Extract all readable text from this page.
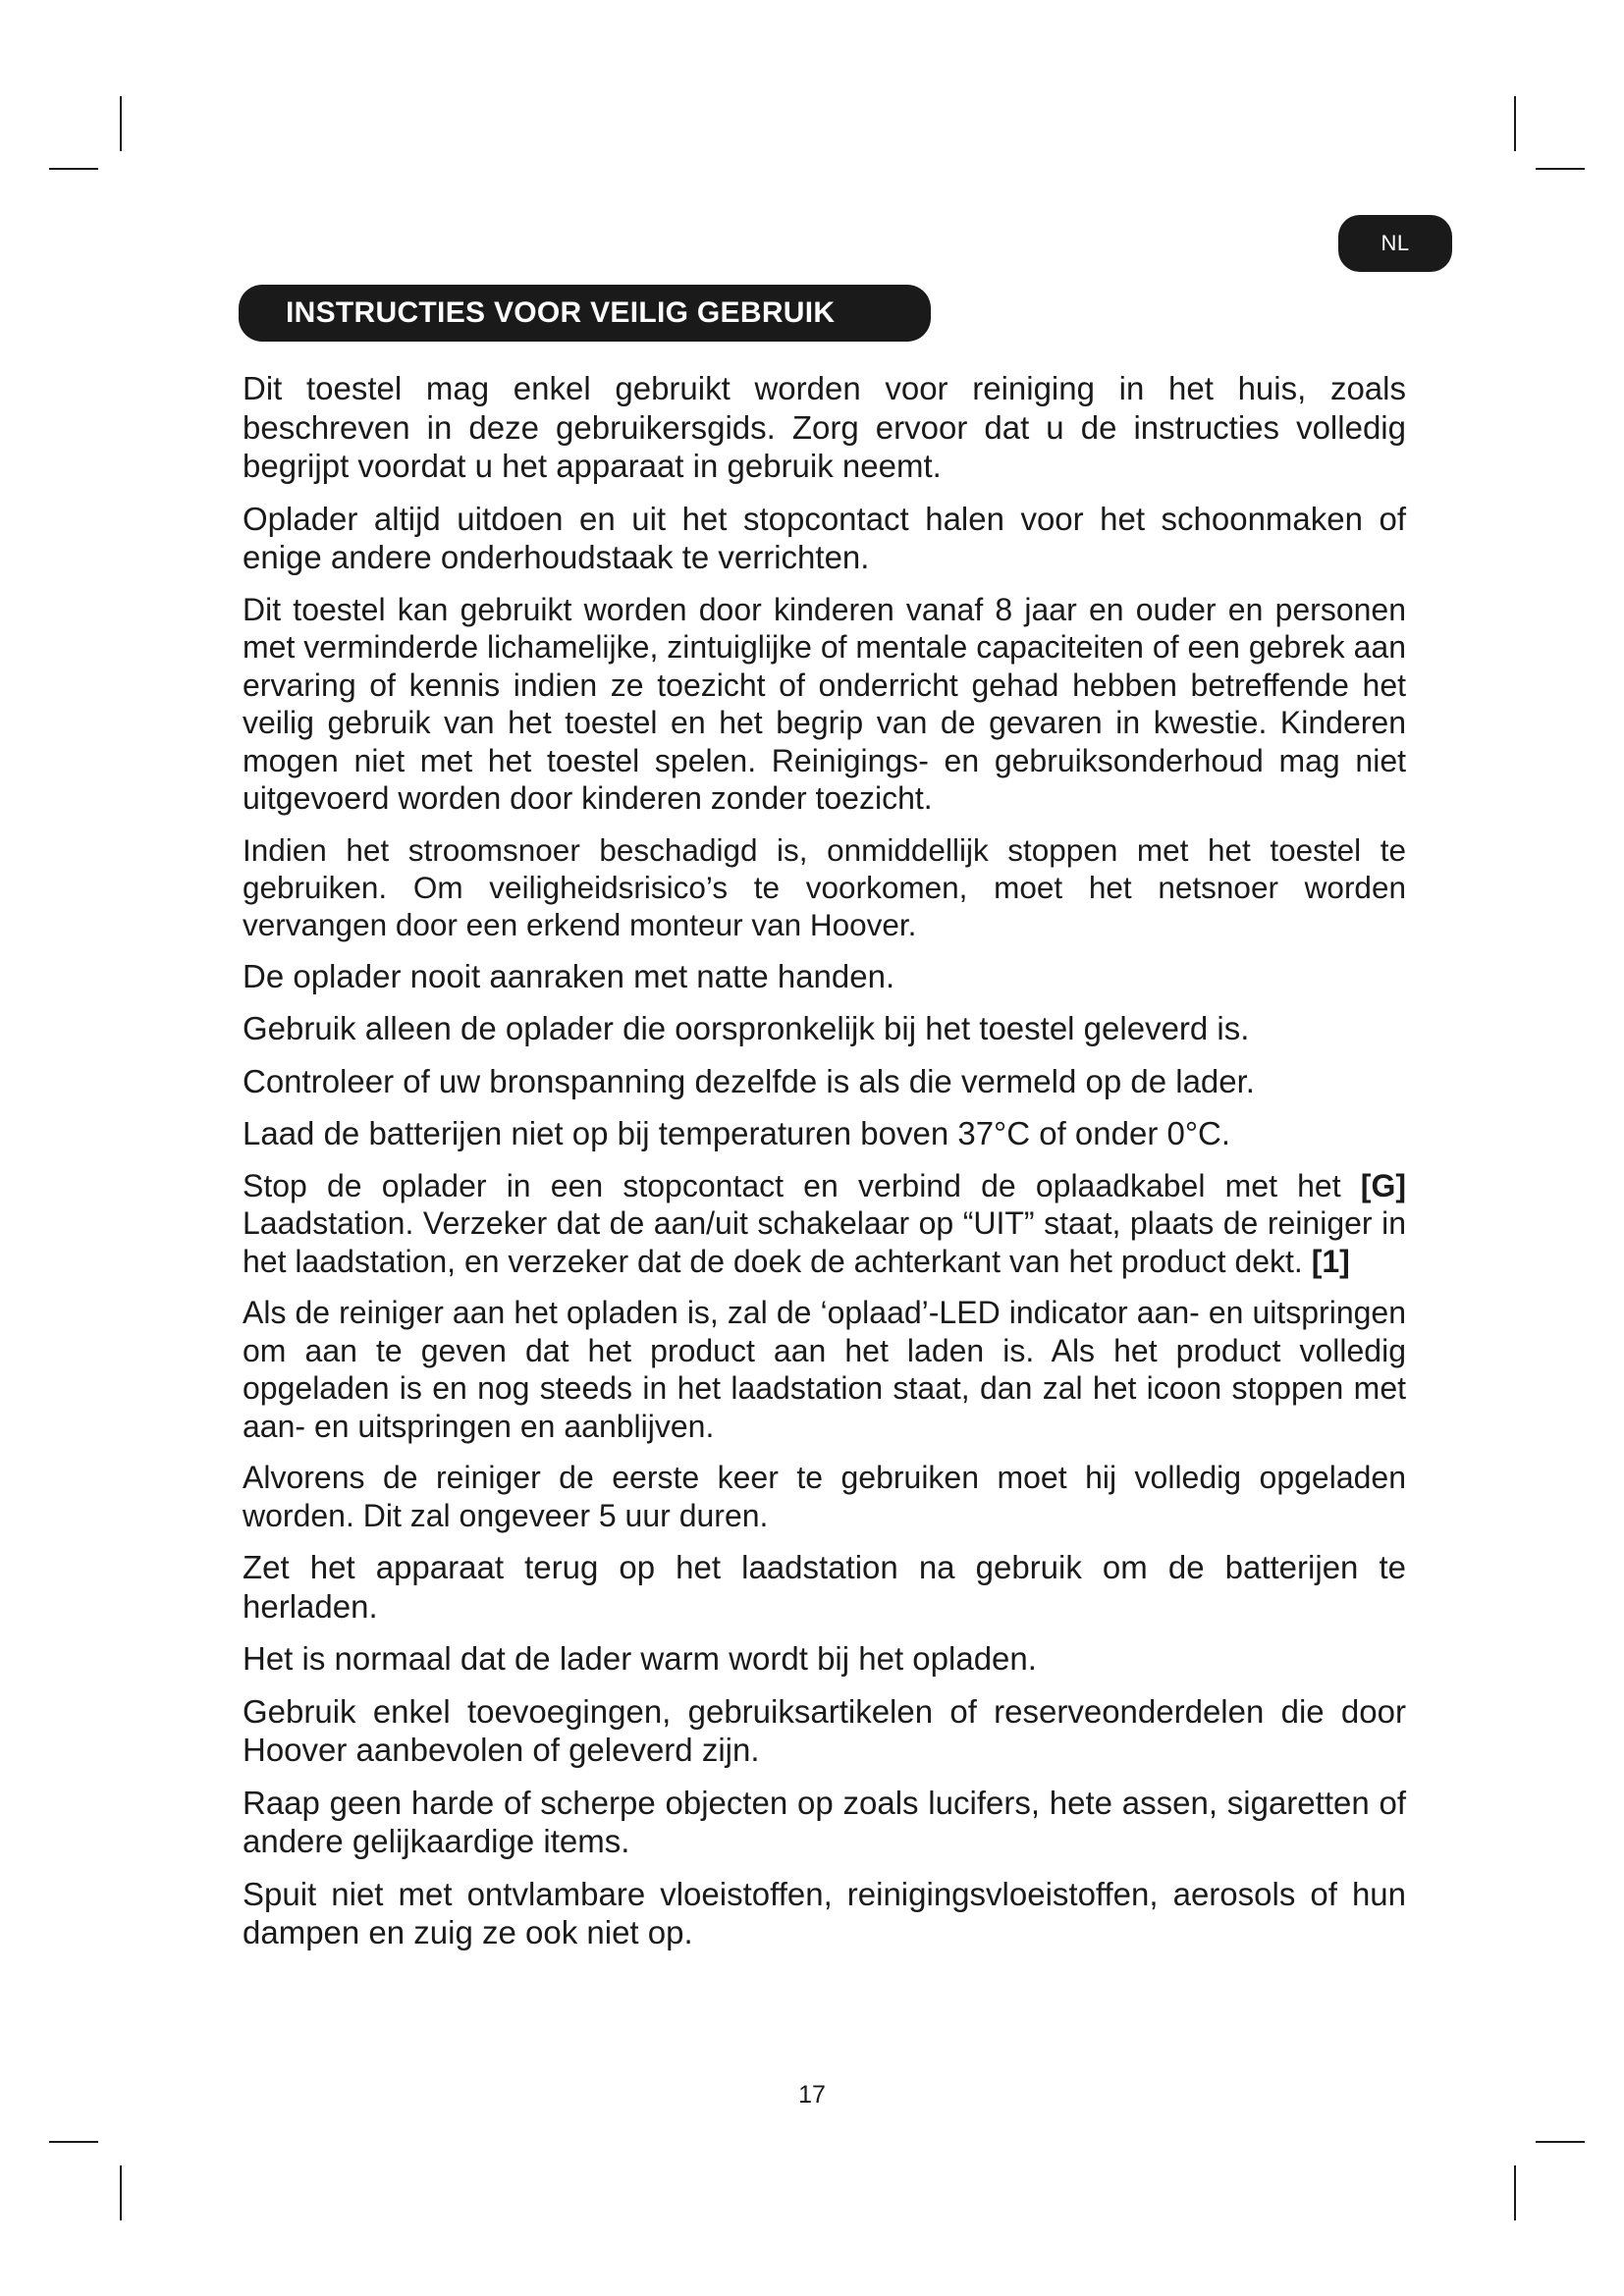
NL
INSTRUCTIES VOOR VEILIG GEBRUIK

Dit toestel mag enkel gebruikt worden voor reiniging in het huis, zoals beschreven in deze gebruikersgids. Zorg ervoor dat u de instructies volledig begrijpt voordat u het apparaat in gebruik neemt.

Oplader altijd uitdoen en uit het stopcontact halen voor het schoonmaken of enige andere onderhoudstaak te verrichten.

Dit toestel kan gebruikt worden door kinderen vanaf 8 jaar en ouder en personen met verminderde lichamelijke, zintuiglijke of mentale capaciteiten of een gebrek aan ervaring of kennis indien ze toezicht of onderricht gehad hebben betreffende het veilig gebruik van het toestel en het begrip van de gevaren in kwestie. Kinderen mogen niet met het toestel spelen. Reinigings- en gebruiksonderhoud mag niet uitgevoerd worden door kinderen zonder toezicht.

Indien het stroomsnoer beschadigd is, onmiddellijk stoppen met het toestel te gebruiken. Om veiligheidsrisico’s te voorkomen, moet het netsnoer worden vervangen door een erkend monteur van Hoover.

De oplader nooit aanraken met natte handen.

Gebruik alleen de oplader die oorspronkelijk bij het toestel geleverd is.

Controleer of uw bronspanning dezelfde is als die vermeld op de lader.

Laad de batterijen niet op bij temperaturen boven 37°C of onder 0°C.

Stop de oplader in een stopcontact en verbind de oplaadkabel met het [G] Laadstation. Verzeker dat de aan/uit schakelaar op “UIT” staat, plaats de reiniger in het laadstation, en verzeker dat de doek de achterkant van het product dekt. [1]

Als de reiniger aan het opladen is, zal de ‘oplaad’-LED indicator aan- en uitspringen om aan te geven dat het product aan het laden is. Als het product volledig opgeladen is en nog steeds in het laadstation staat, dan zal het icoon stoppen met aan- en uitspringen en aanblijven.

Alvorens de reiniger de eerste keer te gebruiken moet hij volledig opgeladen worden. Dit zal ongeveer 5 uur duren.

Zet het apparaat terug op het laadstation na gebruik om de batterijen te herladen.

Het is normaal dat de lader warm wordt bij het opladen.

Gebruik enkel toevoegingen, gebruiksartikelen of reserveonderdelen die door Hoover aanbevolen of geleverd zijn.

Raap geen harde of scherpe objecten op zoals lucifers, hete assen, sigaretten of andere gelijkaardige items.

Spuit niet met ontvlambare vloeistoffen, reinigingsvloeistoffen, aerosols of hun dampen en zuig ze ook niet op.

17
